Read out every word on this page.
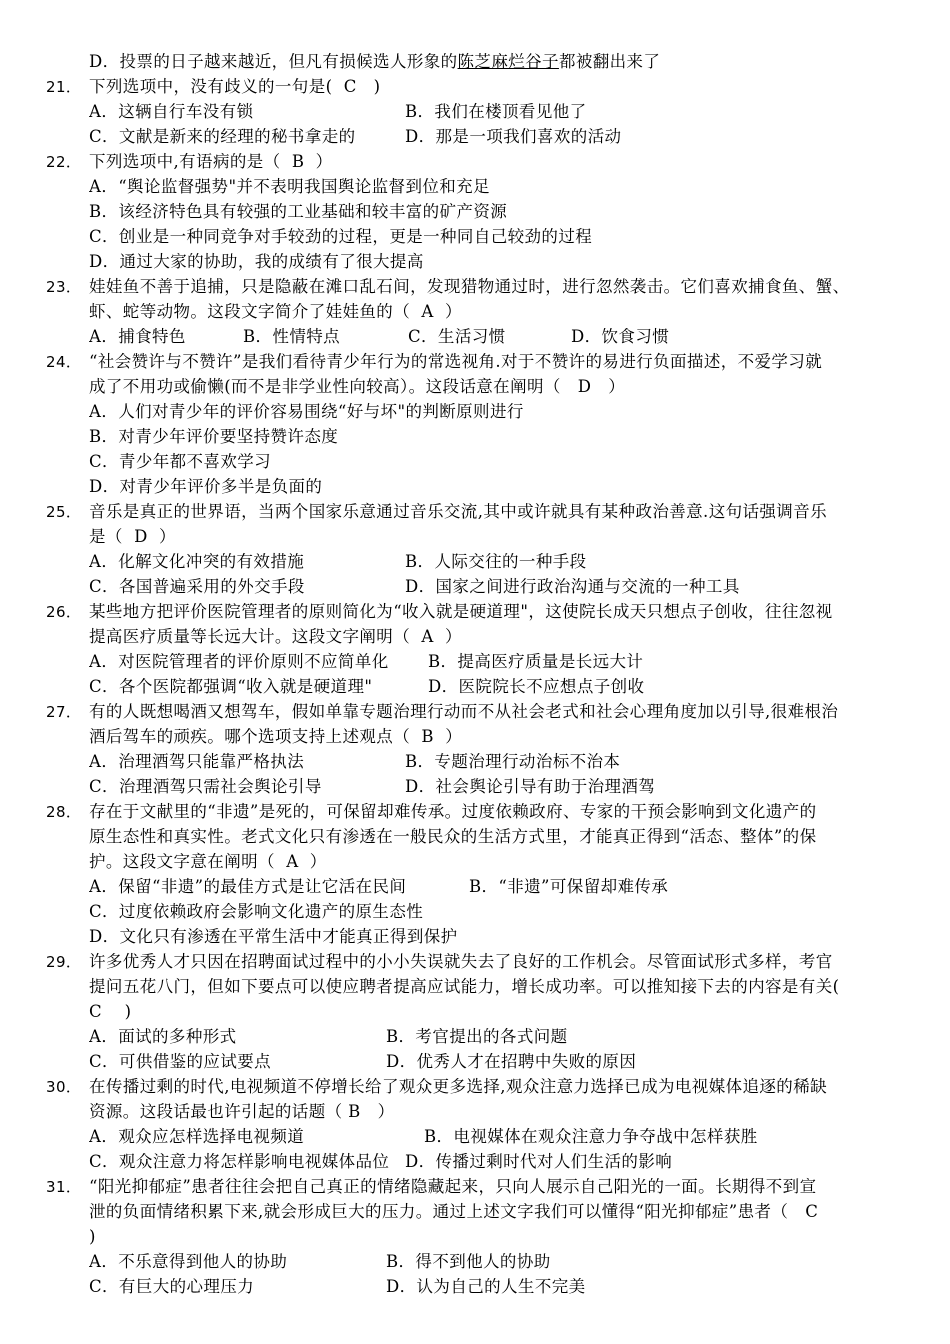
D．投票的日子越来越近，但凡有损候选人形象的陈芝麻烂谷子都被翻出来了
21． 下列选项中，没有歧义的一句是(  C   )
A．这辆自行车没有锁	B．我们在楼顶看见他了
C．文献是新来的经理的秘书拿走的	D．那是一项我们喜欢的活动
22． 下列选项中,有语病的是（  B  ）
A．“舆论监督强势"并不表明我国舆论监督到位和充足
B．该经济特色具有较强的工业基础和较丰富的矿产资源
C．创业是一种同竞争对手较劲的过程，更是一种同自己较劲的过程
D．通过大家的协助，我的成绩有了很大提高
23． 娃娃鱼不善于追捕，只是隐蔽在滩口乱石间，发现猎物通过时，进行忽然袭击。它们喜欢捕食鱼、蟹、
虾、蛇等动物。这段文字简介了娃娃鱼的（  A  ）
A．捕食特色	B．性情特点	C．生活习惯	D．饮食习惯
24． “社会赞许与不赞许”是我们看待青少年行为的常选视角.对于不赞许的易进行负面描述，不爱学习就
成了不用功或偷懒(而不是非学业性向较高）。这段话意在阐明（   D   ）
A．人们对青少年的评价容易围绕“好与坏"的判断原则进行
B．对青少年评价要坚持赞许态度
C．青少年都不喜欢学习
D．对青少年评价多半是负面的
25． 音乐是真正的世界语，当两个国家乐意通过音乐交流,其中或许就具有某种政治善意.这句话强调音乐
是（  D  ）
A．化解文化冲突的有效措施	B．人际交往的一种手段
C．各国普遍采用的外交手段	D．国家之间进行政治沟通与交流的一种工具
26． 某些地方把评价医院管理者的原则简化为“收入就是硬道理"，这使院长成天只想点子创收，往往忽视
提高医疗质量等长远大计。这段文字阐明（  A  ）
A．对医院管理者的评价原则不应简单化 B．提高医疗质量是长远大计
C．各个医院都强调“收入就是硬道理"	D．医院院长不应想点子创收
27． 有的人既想喝酒又想驾车，假如单靠专题治理行动而不从社会老式和社会心理角度加以引导,很难根治
酒后驾车的顽疾。哪个选项支持上述观点（  B  ）
A．治理酒驾只能靠严格执法	B．专题治理行动治标不治本
C．治理酒驾只需社会舆论引导	D．社会舆论引导有助于治理酒驾
28． 存在于文献里的“非遗”是死的，可保留却难传承。过度依赖政府、专家的干预会影响到文化遗产的
原生态性和真实性。老式文化只有渗透在一般民众的生活方式里，才能真正得到“活态、整体”的保
护。这段文字意在阐明（  A  ）
A．保留“非遗”的最佳方式是让它活在民间	B．“非遗”可保留却难传承
C．过度依赖政府会影响文化遗产的原生态性
D．文化只有渗透在平常生活中才能真正得到保护
29． 许多优秀人才只因在招聘面试过程中的小小失误就失去了良好的工作机会。尽管面试形式多样，考官
提问五花八门，但如下要点可以使应聘者提高应试能力，增长成功率。可以推知接下去的内容是有关(
C    )
A．面试的多种形式	B．考官提出的各式问题
C．可供借鉴的应试要点	D．优秀人才在招聘中失败的原因
30． 在传播过剩的时代,电视频道不停增长给了观众更多选择,观众注意力选择已成为电视媒体追逐的稀缺
资源。这段话最也许引起的话题（ B   ）
A．观众应怎样选择电视频道	B．电视媒体在观众注意力争夺战中怎样获胜
C．观众注意力将怎样影响电视媒体品位 D．传播过剩时代对人们生活的影响
31． “阳光抑郁症”患者往往会把自己真正的情绪隐藏起来，只向人展示自己阳光的一面。长期得不到宣
泄的负面情绪积累下来,就会形成巨大的压力。通过上述文字我们可以懂得“阳光抑郁症”患者（   C
)
A．不乐意得到他人的协助	B．得不到他人的协助
C．有巨大的心理压力	D．认为自己的人生不完美
